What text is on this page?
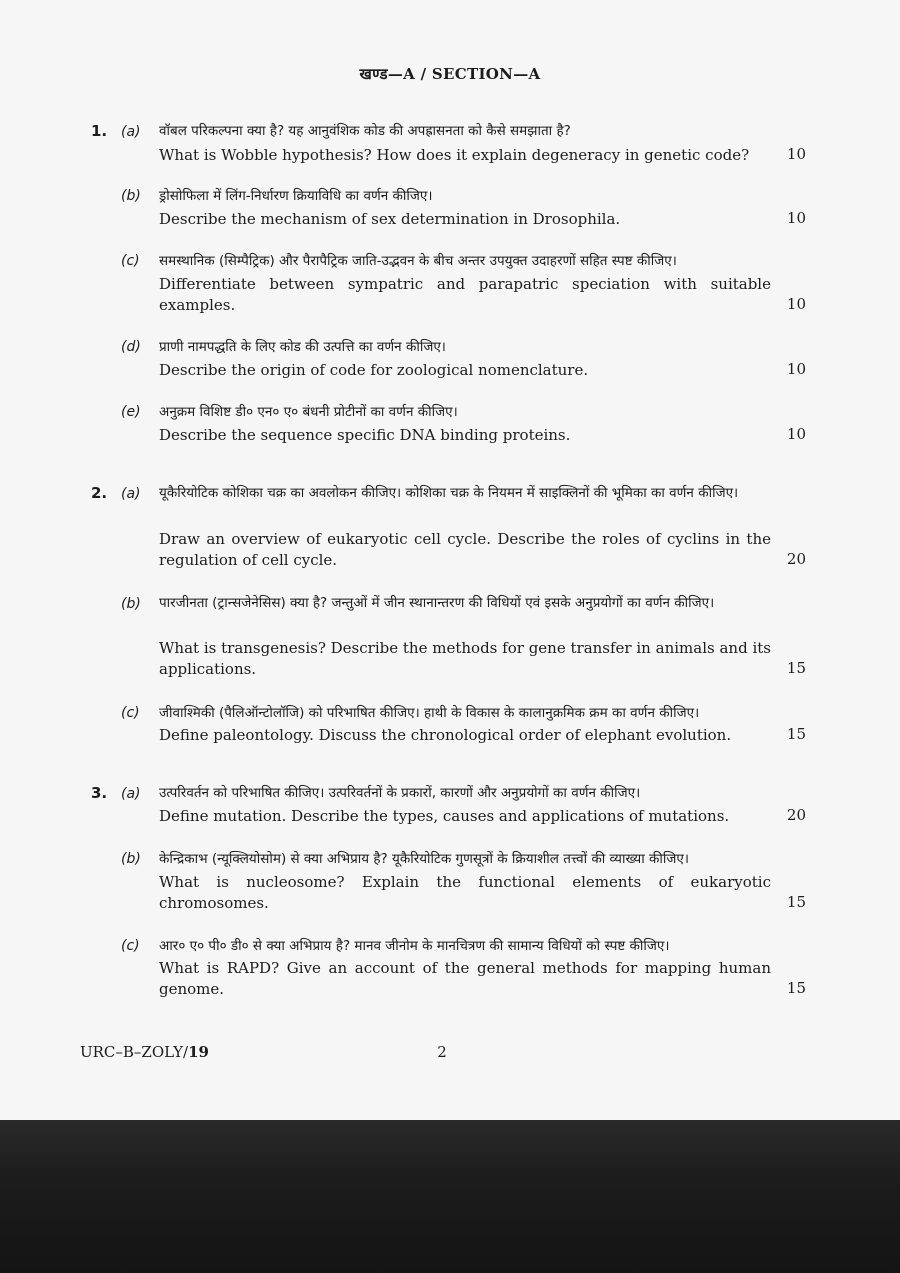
खण्ड—A / SECTION—A
1. (a) वॉबल परिकल्पना क्या है? यह आनुवंशिक कोड की अपह्रासनता को कैसे समझाता है?
What is Wobble hypothesis? How does it explain degeneracy in genetic code?	10
(b) ड्रोसोफिला में लिंग-निर्धारण क्रियाविधि का वर्णन कीजिए।
Describe the mechanism of sex determination in Drosophila.	10
(c) समस्थानिक (सिम्पैट्रिक) और पैरापैट्रिक जाति-उद्भवन के बीच अन्तर उपयुक्त उदाहरणों सहित स्पष्ट कीजिए।
Differentiate between sympatric and parapatric speciation with suitable examples.	10
(d) प्राणी नामपद्धति के लिए कोड की उत्पत्ति का वर्णन कीजिए।
Describe the origin of code for zoological nomenclature.	10
(e) अनुक्रम विशिष्ट डी० एन० ए० बंधनी प्रोटीनों का वर्णन कीजिए।
Describe the sequence specific DNA binding proteins.	10
2. (a) यूकैरियोटिक कोशिका चक्र का अवलोकन कीजिए। कोशिका चक्र के नियमन में साइक्लिनों की भूमिका का वर्णन कीजिए।
Draw an overview of eukaryotic cell cycle. Describe the roles of cyclins in the regulation of cell cycle.	20
(b) पारजीनता (ट्रान्सजेनेसिस) क्या है? जन्तुओं में जीन स्थानान्तरण की विधियों एवं इसके अनुप्रयोगों का वर्णन कीजिए।
What is transgenesis? Describe the methods for gene transfer in animals and its applications.	15
(c) जीवाश्मिकी (पैलिऑन्टोलॉजि) को परिभाषित कीजिए। हाथी के विकास के कालानुक्रमिक क्रम का वर्णन कीजिए।
Define paleontology. Discuss the chronological order of elephant evolution.	15
3. (a) उत्परिवर्तन को परिभाषित कीजिए। उत्परिवर्तनों के प्रकारों, कारणों और अनुप्रयोगों का वर्णन कीजिए।
Define mutation. Describe the types, causes and applications of mutations.	20
(b) केन्द्रिकाभ (न्यूक्लियोसोम) से क्या अभिप्राय है? यूकैरियोटिक गुणसूत्रों के क्रियाशील तत्त्वों की व्याख्या कीजिए।
What is nucleosome? Explain the functional elements of eukaryotic chromosomes.	15
(c) आर० ए० पी० डी० से क्या अभिप्राय है? मानव जीनोम के मानचित्रण की सामान्य विधियों को स्पष्ट कीजिए।
What is RAPD? Give an account of the general methods for mapping human genome.	15
URC–B–ZOLY/19	2
